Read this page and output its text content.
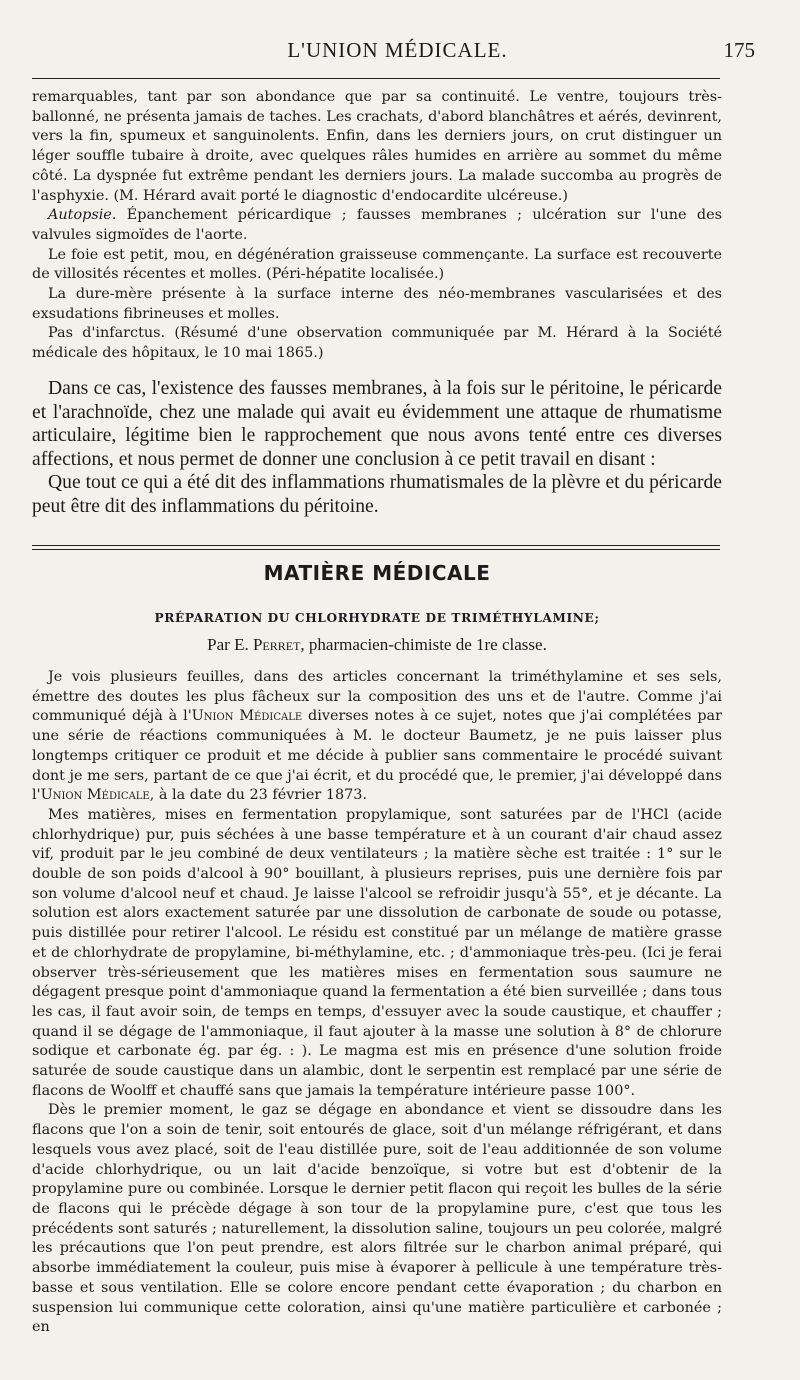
L'UNION MÉDICALE.	175

remarquables, tant par son abondance que par sa continuité. Le ventre, toujours très-ballonné, ne présenta jamais de taches. Les crachats, d'abord blanchâtres et aérés, devinrent, vers la fin, spumeux et sanguinolents. Enfin, dans les derniers jours, on crut distinguer un léger souffle tubaire à droite, avec quelques râles humides en arrière au sommet du même côté. La dyspnée fut extrême pendant les derniers jours. La malade succomba au progrès de l'asphyxie. (M. Hérard avait porté le diagnostic d'endocardite ulcéreuse.)

Autopsie. Épanchement péricardique ; fausses membranes ; ulcération sur l'une des valvules sigmoïdes de l'aorte.

Le foie est petit, mou, en dégénération graisseuse commençante. La surface est recouverte de villosités récentes et molles. (Péri-hépatite localisée.)

La dure-mère présente à la surface interne des néo-membranes vascularisées et des exsudations fibrineuses et molles.

Pas d'infarctus. (Résumé d'une observation communiquée par M. Hérard à la Société médicale des hôpitaux, le 10 mai 1865.)

Dans ce cas, l'existence des fausses membranes, à la fois sur le péritoine, le péricarde et l'arachnoïde, chez une malade qui avait eu évidemment une attaque de rhumatisme articulaire, légitime bien le rapprochement que nous avons tenté entre ces diverses affections, et nous permet de donner une conclusion à ce petit travail en disant :

Que tout ce qui a été dit des inflammations rhumatismales de la plèvre et du péricarde peut être dit des inflammations du péritoine.

MATIÈRE MÉDICALE
PRÉPARATION DU CHLORHYDRATE DE TRIMÉTHYLAMINE;
Par E. Perret, pharmacien-chimiste de 1re classe.

Je vois plusieurs feuilles, dans des articles concernant la triméthylamine et ses sels, émettre des doutes les plus fâcheux sur la composition des uns et de l'autre. Comme j'ai communiqué déjà à l'Union Médicale diverses notes à ce sujet, notes que j'ai complétées par une série de réactions communiquées à M. le docteur Baumetz, je ne puis laisser plus longtemps critiquer ce produit et me décide à publier sans commentaire le procédé suivant dont je me sers, partant de ce que j'ai écrit, et du procédé que, le premier, j'ai développé dans l'Union Médicale, à la date du 23 février 1873.

Mes matières, mises en fermentation propylamique, sont saturées par de l'HCl (acide chlorhydrique) pur, puis séchées à une basse température et à un courant d'air chaud assez vif, produit par le jeu combiné de deux ventilateurs ; la matière sèche est traitée : 1° sur le double de son poids d'alcool à 90° bouillant, à plusieurs reprises, puis une dernière fois par son volume d'alcool neuf et chaud. Je laisse l'alcool se refroidir jusqu'à 55°, et je décante. La solution est alors exactement saturée par une dissolution de carbonate de soude ou potasse, puis distillée pour retirer l'alcool. Le résidu est constitué par un mélange de matière grasse et de chlorhydrate de propylamine, bi-méthylamine, etc. ; d'ammoniaque très-peu. (Ici je ferai observer très-sérieusement que les matières mises en fermentation sous saumure ne dégagent presque point d'ammoniaque quand la fermentation a été bien surveillée ; dans tous les cas, il faut avoir soin, de temps en temps, d'essuyer avec la soude caustique, et chauffer ; quand il se dégage de l'ammoniaque, il faut ajouter à la masse une solution à 8° de chlorure sodique et carbonate ég. par ég. : ). Le magma est mis en présence d'une solution froide saturée de soude caustique dans un alambic, dont le serpentin est remplacé par une série de flacons de Woolff et chauffé sans que jamais la température intérieure passe 100°.

Dès le premier moment, le gaz se dégage en abondance et vient se dissoudre dans les flacons que l'on a soin de tenir, soit entourés de glace, soit d'un mélange réfrigérant, et dans lesquels vous avez placé, soit de l'eau distillée pure, soit de l'eau additionnée de son volume d'acide chlorhydrique, ou un lait d'acide benzoïque, si votre but est d'obtenir de la propylamine pure ou combinée. Lorsque le dernier petit flacon qui reçoit les bulles de la série de flacons qui le précède dégage à son tour de la propylamine pure, c'est que tous les précédents sont saturés ; naturellement, la dissolution saline, toujours un peu colorée, malgré les précautions que l'on peut prendre, est alors filtrée sur le charbon animal préparé, qui absorbe immédiatement la couleur, puis mise à évaporer à pellicule à une température très-basse et sous ventilation. Elle se colore encore pendant cette évaporation ; du charbon en suspension lui communique cette coloration, ainsi qu'une matière particulière et carbonée ; en
